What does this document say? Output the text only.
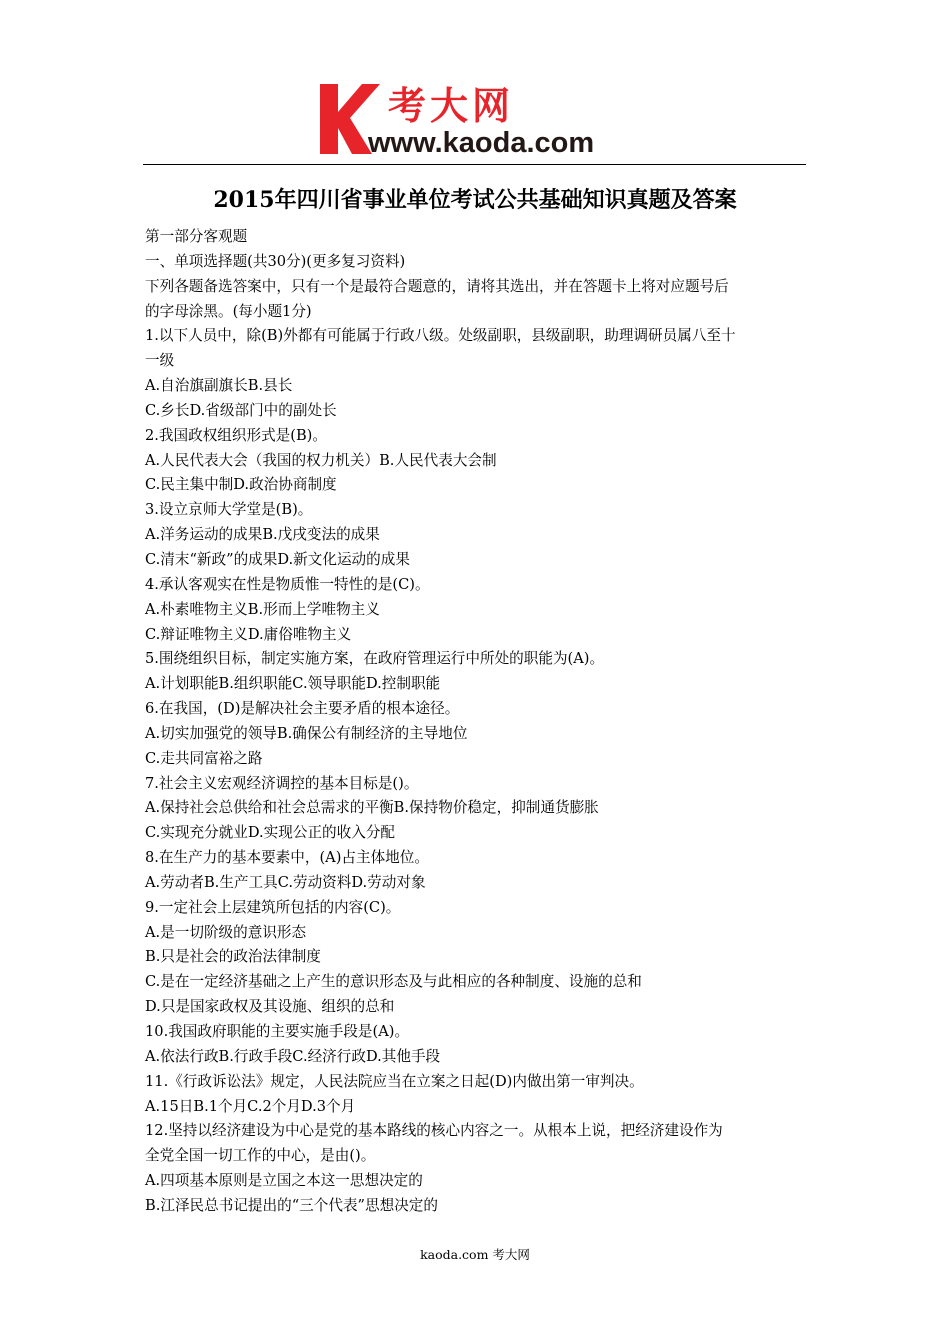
考大网
www.kaoda.com
2015年四川省事业单位考试公共基础知识真题及答案
第一部分客观题
一、单项选择题(共30分)(更多复习资料)
下列各题备选答案中，只有一个是最符合题意的，请将其选出，并在答题卡上将对应题号后
的字母涂黑。(每小题1分)
1.以下人员中，除(B)外都有可能属于行政八级。处级副职，县级副职，助理调研员属八至十
一级
A.自治旗副旗长B.县长
C.乡长D.省级部门中的副处长
2.我国政权组织形式是(B)。
A.人民代表大会（我国的权力机关）B.人民代表大会制
C.民主集中制D.政治协商制度
3.设立京师大学堂是(B)。
A.洋务运动的成果B.戊戌变法的成果
C.清末“新政”的成果D.新文化运动的成果
4.承认客观实在性是物质惟一特性的是(C)。
A.朴素唯物主义B.形而上学唯物主义
C.辩证唯物主义D.庸俗唯物主义
5.围绕组织目标，制定实施方案，在政府管理运行中所处的职能为(A)。
A.计划职能B.组织职能C.领导职能D.控制职能
6.在我国，(D)是解决社会主要矛盾的根本途径。
A.切实加强党的领导B.确保公有制经济的主导地位
C.走共同富裕之路
7.社会主义宏观经济调控的基本目标是()。
A.保持社会总供给和社会总需求的平衡B.保持物价稳定，抑制通货膨胀
C.实现充分就业D.实现公正的收入分配
8.在生产力的基本要素中，(A)占主体地位。
A.劳动者B.生产工具C.劳动资料D.劳动对象
9.一定社会上层建筑所包括的内容(C)。
A.是一切阶级的意识形态
B.只是社会的政治法律制度
C.是在一定经济基础之上产生的意识形态及与此相应的各种制度、设施的总和
D.只是国家政权及其设施、组织的总和
10.我国政府职能的主要实施手段是(A)。
A.依法行政B.行政手段C.经济行政D.其他手段
11.《行政诉讼法》规定，人民法院应当在立案之日起(D)内做出第一审判决。
A.15日B.1个月C.2个月D.3个月
12.坚持以经济建设为中心是党的基本路线的核心内容之一。从根本上说，把经济建设作为
全党全国一切工作的中心，是由()。
A.四项基本原则是立国之本这一思想决定的
B.江泽民总书记提出的“三个代表”思想决定的
kaoda.com 考大网
